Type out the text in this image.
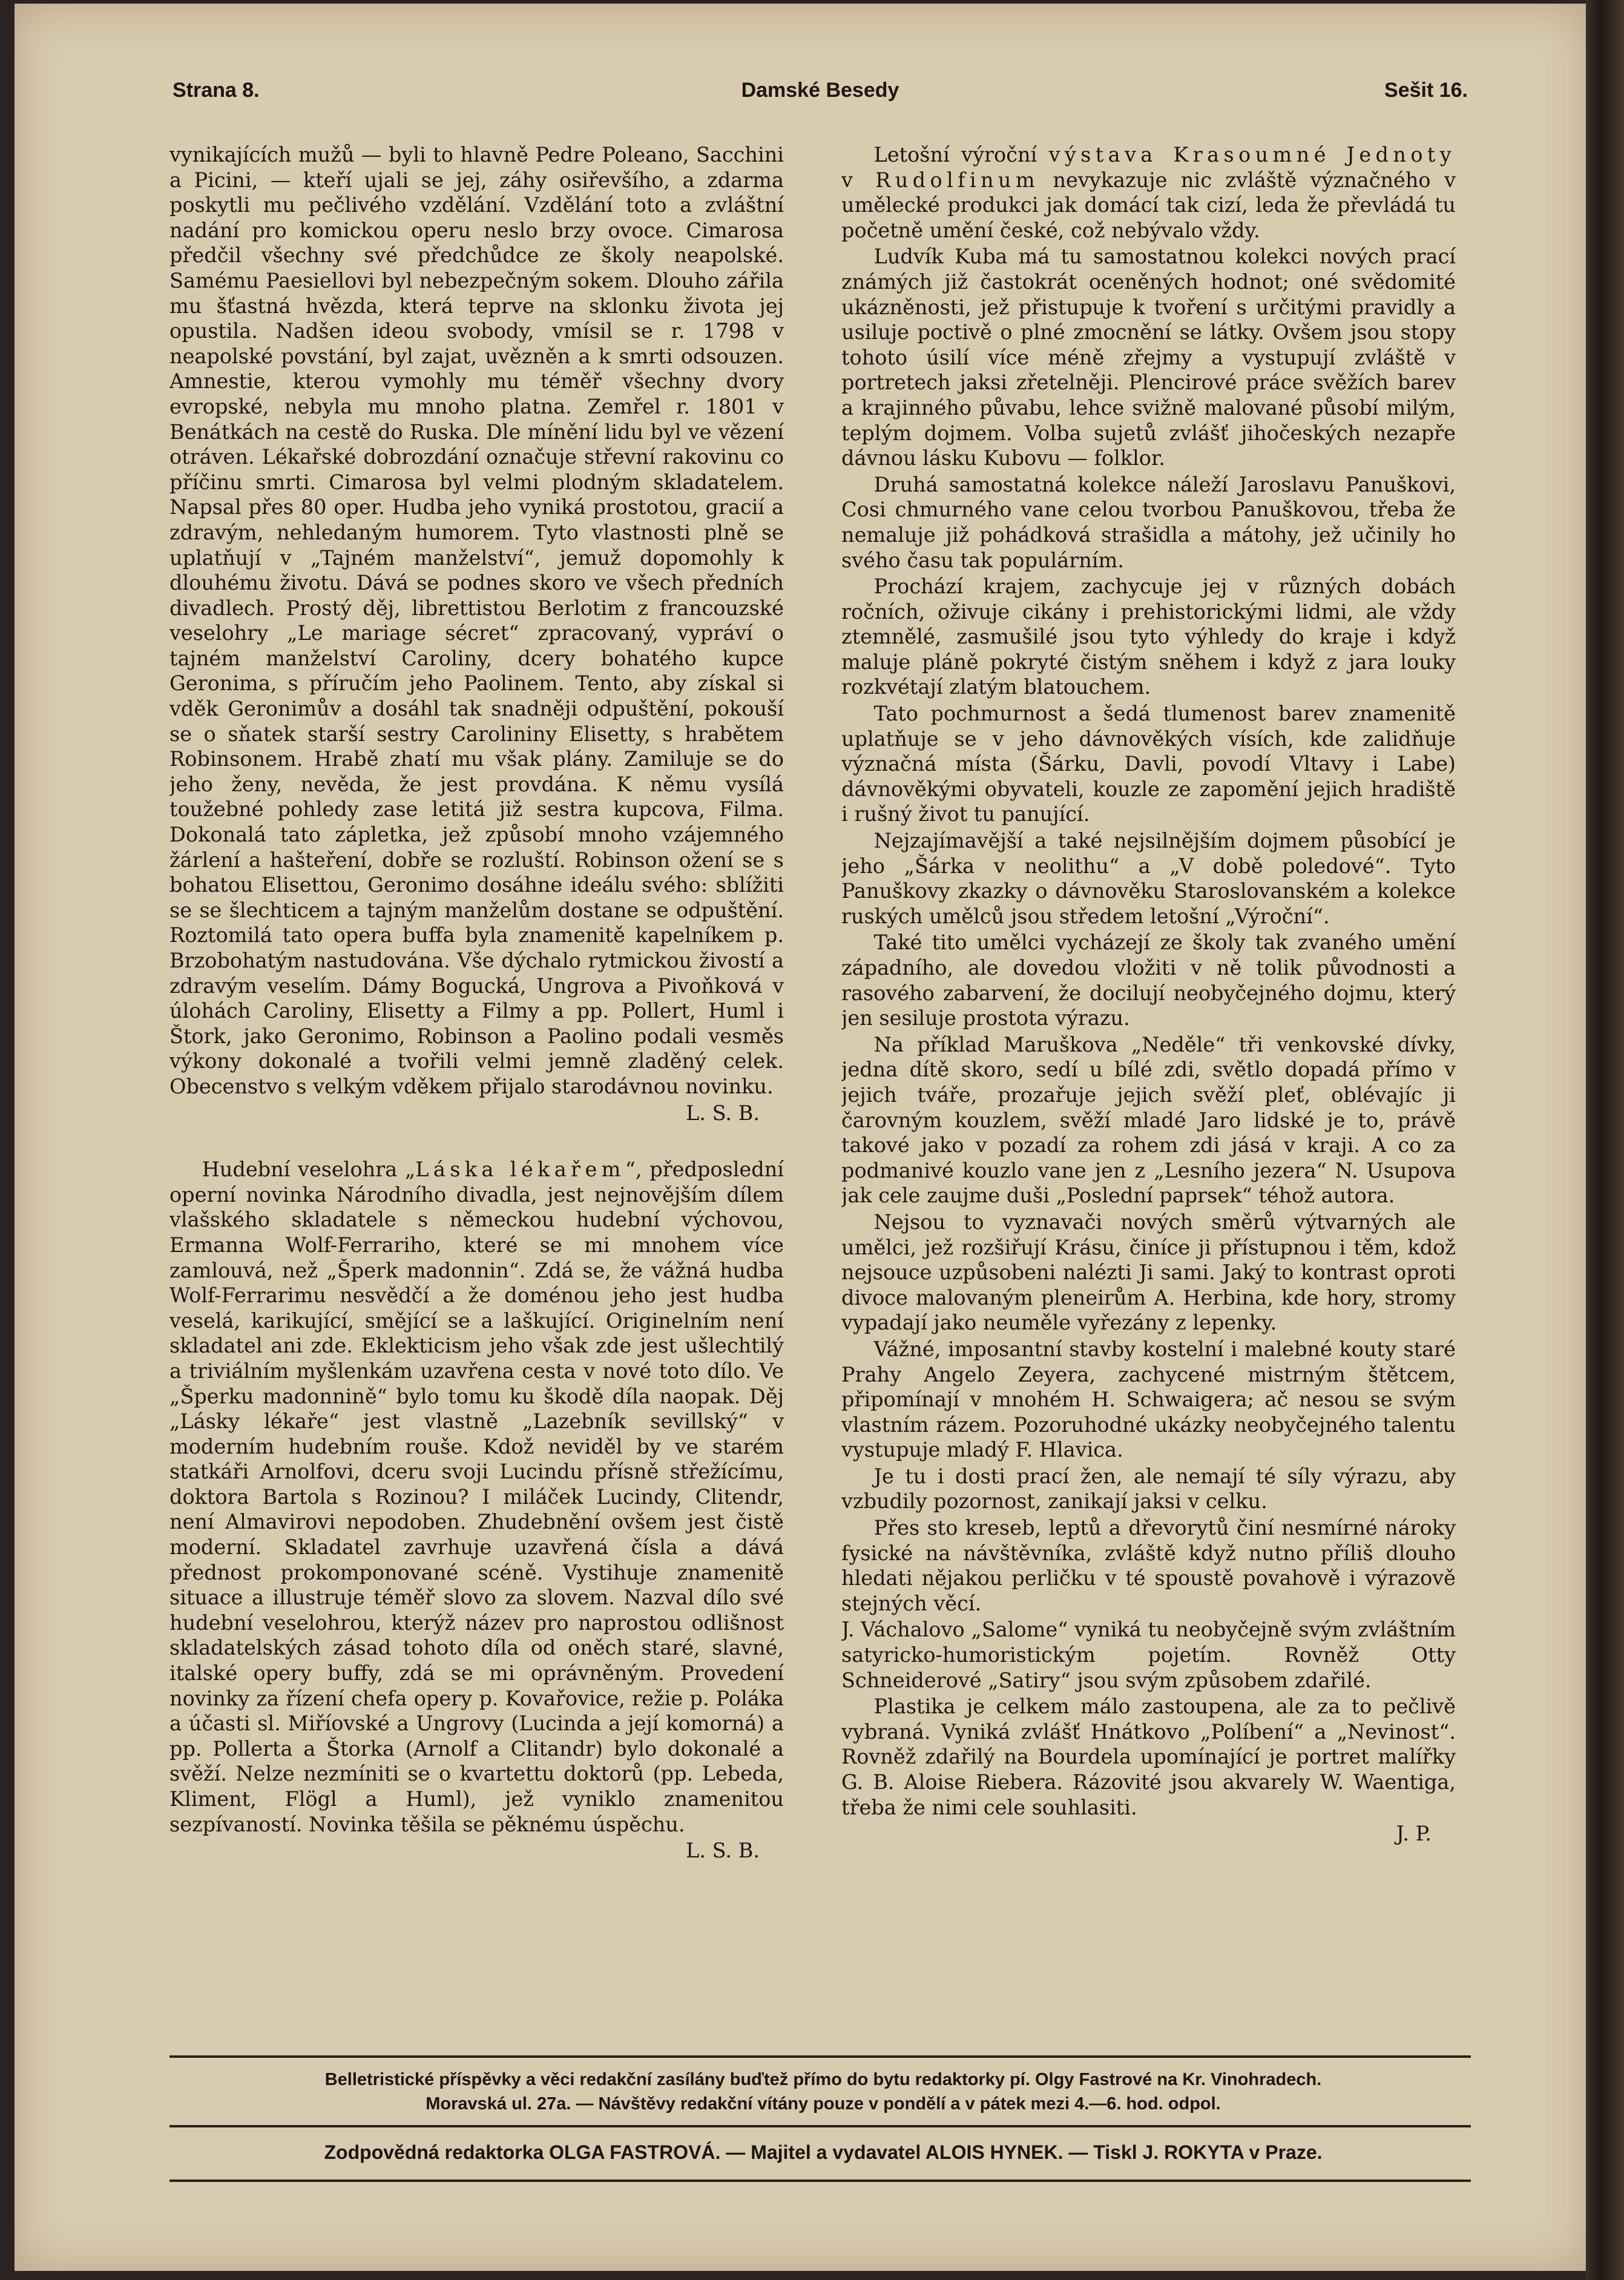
Damské Besedy
Strana 8.	Sešit 16.

vynikajících mužů — byli to hlavně Pedre Poleano, Sacchini a Picini, — kteří ujali se jej, záhy osiřevšího, a zdarma poskytli mu pečlivého vzdělání. Vzdělání toto a zvláštní nadání pro komickou operu neslo brzy ovoce. Cimarosa předčil všechny své předchůdce ze školy neapolské. Samému Paesiellovi byl nebezpečným sokem. Dlouho zářila mu šťastná hvězda, která teprve na sklonku života jej opustila. Nadšen ideou svobody, vmísil se r. 1798 v neapolské povstání, byl zajat, uvězněn a k smrti odsouzen. Amnestie, kterou vymohly mu téměř všechny dvory evropské, nebyla mu mnoho platna. Zemřel r. 1801 v Benátkách na cestě do Ruska. Dle mínění lidu byl ve vězení otráven. Lékařské dobrozdání označuje střevní rakovinu co příčinu smrti. Cimarosa byl velmi plodným skladatelem. Napsal přes 80 oper. Hudba jeho vyniká prostotou, gracií a zdravým, nehledaným humorem. Tyto vlastnosti plně se uplatňují v „Tajném manželství“, jemuž dopomohly k dlouhému životu. Dává se podnes skoro ve všech předních divadlech. Prostý děj, librettistou Berlotim z francouzské veselohry „Le mariage sécret“ zpracovaný, vypráví o tajném manželství Caroliny, dcery bohatého kupce Geronima, s příručím jeho Paolinem. Tento, aby získal si vděk Geronimův a dosáhl tak snadněji odpuštění, pokouší se o sňatek starší sestry Carolininy Elisetty, s hrabětem Robinsonem. Hrabě zhatí mu však plány. Zamiluje se do jeho ženy, nevěda, že jest provdána. K němu vysílá toužebné pohledy zase letitá již sestra kupcova, Filma. Dokonalá tato zápletka, jež způsobí mnoho vzájemného žárlení a hašteření, dobře se rozluští. Robinson ožení se s bohatou Elisettou, Geronimo dosáhne ideálu svého: sblížiti se se šlechticem a tajným manželům dostane se odpuštění. Roztomilá tato opera buffa byla znamenitě kapelníkem p. Brzobohatým nastudována. Vše dýchalo rytmickou živostí a zdravým veselím. Dámy Bogucká, Ungrova a Pivoňková v úlohách Caroliny, Elisetty a Filmy a pp. Pollert, Huml i Štork, jako Geronimo, Robinson a Paolino podali vesměs výkony dokonalé a tvořili velmi jemně zladěný celek. Obecenstvo s velkým vděkem přijalo starodávnou novinku.

L. S. B.

Hudební veselohra „Láska lékařem“, předposlední operní novinka Národního divadla, jest nejnovějším dílem vlašského skladatele s německou hudební výchovou, Ermanna Wolf-Ferrariho, které se mi mnohem více zamlouvá, než „Šperk madonnin“. Zdá se, že vážná hudba Wolf-Ferrarimu nesvědčí a že doménou jeho jest hudba veselá, karikující, smějící se a laškující. Originelním není skladatel ani zde. Eklekticism jeho však zde jest ušlechtilý a triviálním myšlenkám uzavřena cesta v nové toto dílo. Ve „Šperku madonnině“ bylo tomu ku škodě díla naopak. Děj „Lásky lékaře“ jest vlastně „Lazebník sevillský“ v moderním hudebním rouše. Kdož neviděl by ve starém statkáři Arnolfovi, dceru svoji Lucindu přísně střežícímu, doktora Bartola s Rozinou? I miláček Lucindy, Clitendr, není Almavirovi nepodoben. Zhudebnění ovšem jest čistě moderní. Skladatel zavrhuje uzavřená čísla a dává přednost prokomponované scéně. Vystihuje znamenitě situace a illustruje téměř slovo za slovem. Nazval dílo své hudební veselohrou, kterýž název pro naprostou odlišnost skladatelských zásad tohoto díla od oněch staré, slavné, italské opery buffy, zdá se mi oprávněným. Provedení novinky za řízení chefa opery p. Kovařovice, režie p. Poláka a účasti sl. Miříovské a Ungrovy (Lucinda a její komorná) a pp. Pollerta a Štorka (Arnolf a Clitandr) bylo dokonalé a svěží. Nelze nezmíniti se o kvartettu doktorů (pp. Lebeda, Kliment, Flögl a Huml), jež vyniklo znamenitou sezpívaností. Novinka těšila se pěknému úspěchu.

L. S. B.

Letošní výroční výstava Krasoumné Jednoty v Rudolfinum nevykazuje nic zvláště význačného v umělecké produkci jak domácí tak cizí, leda že převládá tu početně umění české, což nebývalo vždy.

Ludvík Kuba má tu samostatnou kolekci nových prací známých již častokrát oceněných hodnot; oné svědomité ukázněnosti, jež přistupuje k tvoření s určitými pravidly a usiluje poctivě o plné zmocnění se látky. Ovšem jsou stopy tohoto úsilí více méně zřejmy a vystupují zvláště v portretech jaksi zřetelněji. Plencirové práce svěžích barev a krajinného půvabu, lehce svižně malované působí milým, teplým dojmem. Volba sujetů zvlášť jihočeských nezapře dávnou lásku Kubovu — folklor.

Druhá samostatná kolekce náleží Jaroslavu Panuškovi, Cosi chmurného vane celou tvorbou Panuškovou, třeba že nemaluje již pohádková strašidla a mátohy, jež učinily ho svého času tak populárním.

Prochází krajem, zachycuje jej v různých dobách ročních, oživuje cikány i prehistorickými lidmi, ale vždy ztemnělé, zasmušilé jsou tyto výhledy do kraje i když maluje pláně pokryté čistým sněhem i když z jara louky rozkvétají zlatým blatouchem.

Tato pochmurnost a šedá tlumenost barev znamenitě uplatňuje se v jeho dávnověkých vísích, kde zalidňuje význačná místa (Šárku, Davli, povodí Vltavy i Labe) dávnověkými obyvateli, kouzle ze zapomění jejich hradiště i rušný život tu panující.

Nejzajímavější a také nejsilnějším dojmem působící je jeho „Šárka v neolithu“ a „V době poledové“. Tyto Panuškovy zkazky o dávnověku Staroslovanském a kolekce ruských umělců jsou středem letošní „Výroční“.

Také tito umělci vycházejí ze školy tak zvaného umění západního, ale dovedou vložiti v ně tolik původnosti a rasového zabarvení, že docilují neobyčejného dojmu, který jen sesiluje prostota výrazu.

Na příklad Maruškova „Neděle“ tři venkovské dívky, jedna dítě skoro, sedí u bílé zdi, světlo dopadá přímo v jejich tváře, prozařuje jejich svěží pleť, oblévajíc ji čarovným kouzlem, svěží mladé Jaro lidské je to, právě takové jako v pozadí za rohem zdi jásá v kraji. A co za podmanivé kouzlo vane jen z „Lesního jezera“ N. Usupova jak cele zaujme duši „Poslední paprsek“ téhož autora.

Nejsou to vyznavači nových směrů výtvarných ale umělci, jež rozšiřují Krásu, činíce ji přístupnou i těm, kdož nejsouce uzpůsobeni nalézti Ji sami. Jaký to kontrast oproti divoce malovaným pleneirům A. Herbina, kde hory, stromy vypadají jako neuměle vyřezány z lepenky.

Vážné, imposantní stavby kostelní i malebné kouty staré Prahy Angelo Zeyera, zachycené mistrným štětcem, připomínají v mnohém H. Schwaigera; ač nesou se svým vlastním rázem. Pozoruhodné ukázky neobyčejného talentu vystupuje mladý F. Hlavica.

Je tu i dosti prací žen, ale nemají té síly výrazu, aby vzbudily pozornost, zanikají jaksi v celku.

Přes sto kreseb, leptů a dřevorytů činí nesmírné nároky fysické na návštěvníka, zvláště když nutno příliš dlouho hledati nějakou perličku v té spoustě povahově i výrazově stejných věcí.

J. Váchalovo „Salome“ vyniká tu neobyčejně svým zvláštním satyricko-humoristickým pojetím. Rovněž Otty Schneiderové „Satiry“ jsou svým způsobem zdařilé.

Plastika je celkem málo zastoupena, ale za to pečlivě vybraná. Vyniká zvlášť Hnátkovo „Políbení“ a „Nevinost“. Rovněž zdařilý na Bourdela upomínající je portret malířky G. B. Aloise Riebera. Rázovité jsou akvarely W. Waentiga, třeba že nimi cele souhlasiti.

J. P.

Belletristické příspěvky a věci redakční zasílány buďtež přímo do bytu redaktorky pí. Olgy Fastrové na Kr. Vinohradech.
Moravská ul. 27a. — Návštěvy redakční vítány pouze v pondělí a v pátek mezi 4.—6. hod. odpol.
Zodpovědná redaktorka OLGA FASTROVÁ. — Majitel a vydavatel ALOIS HYNEK. — Tiskl J. ROKYTA v Praze.
